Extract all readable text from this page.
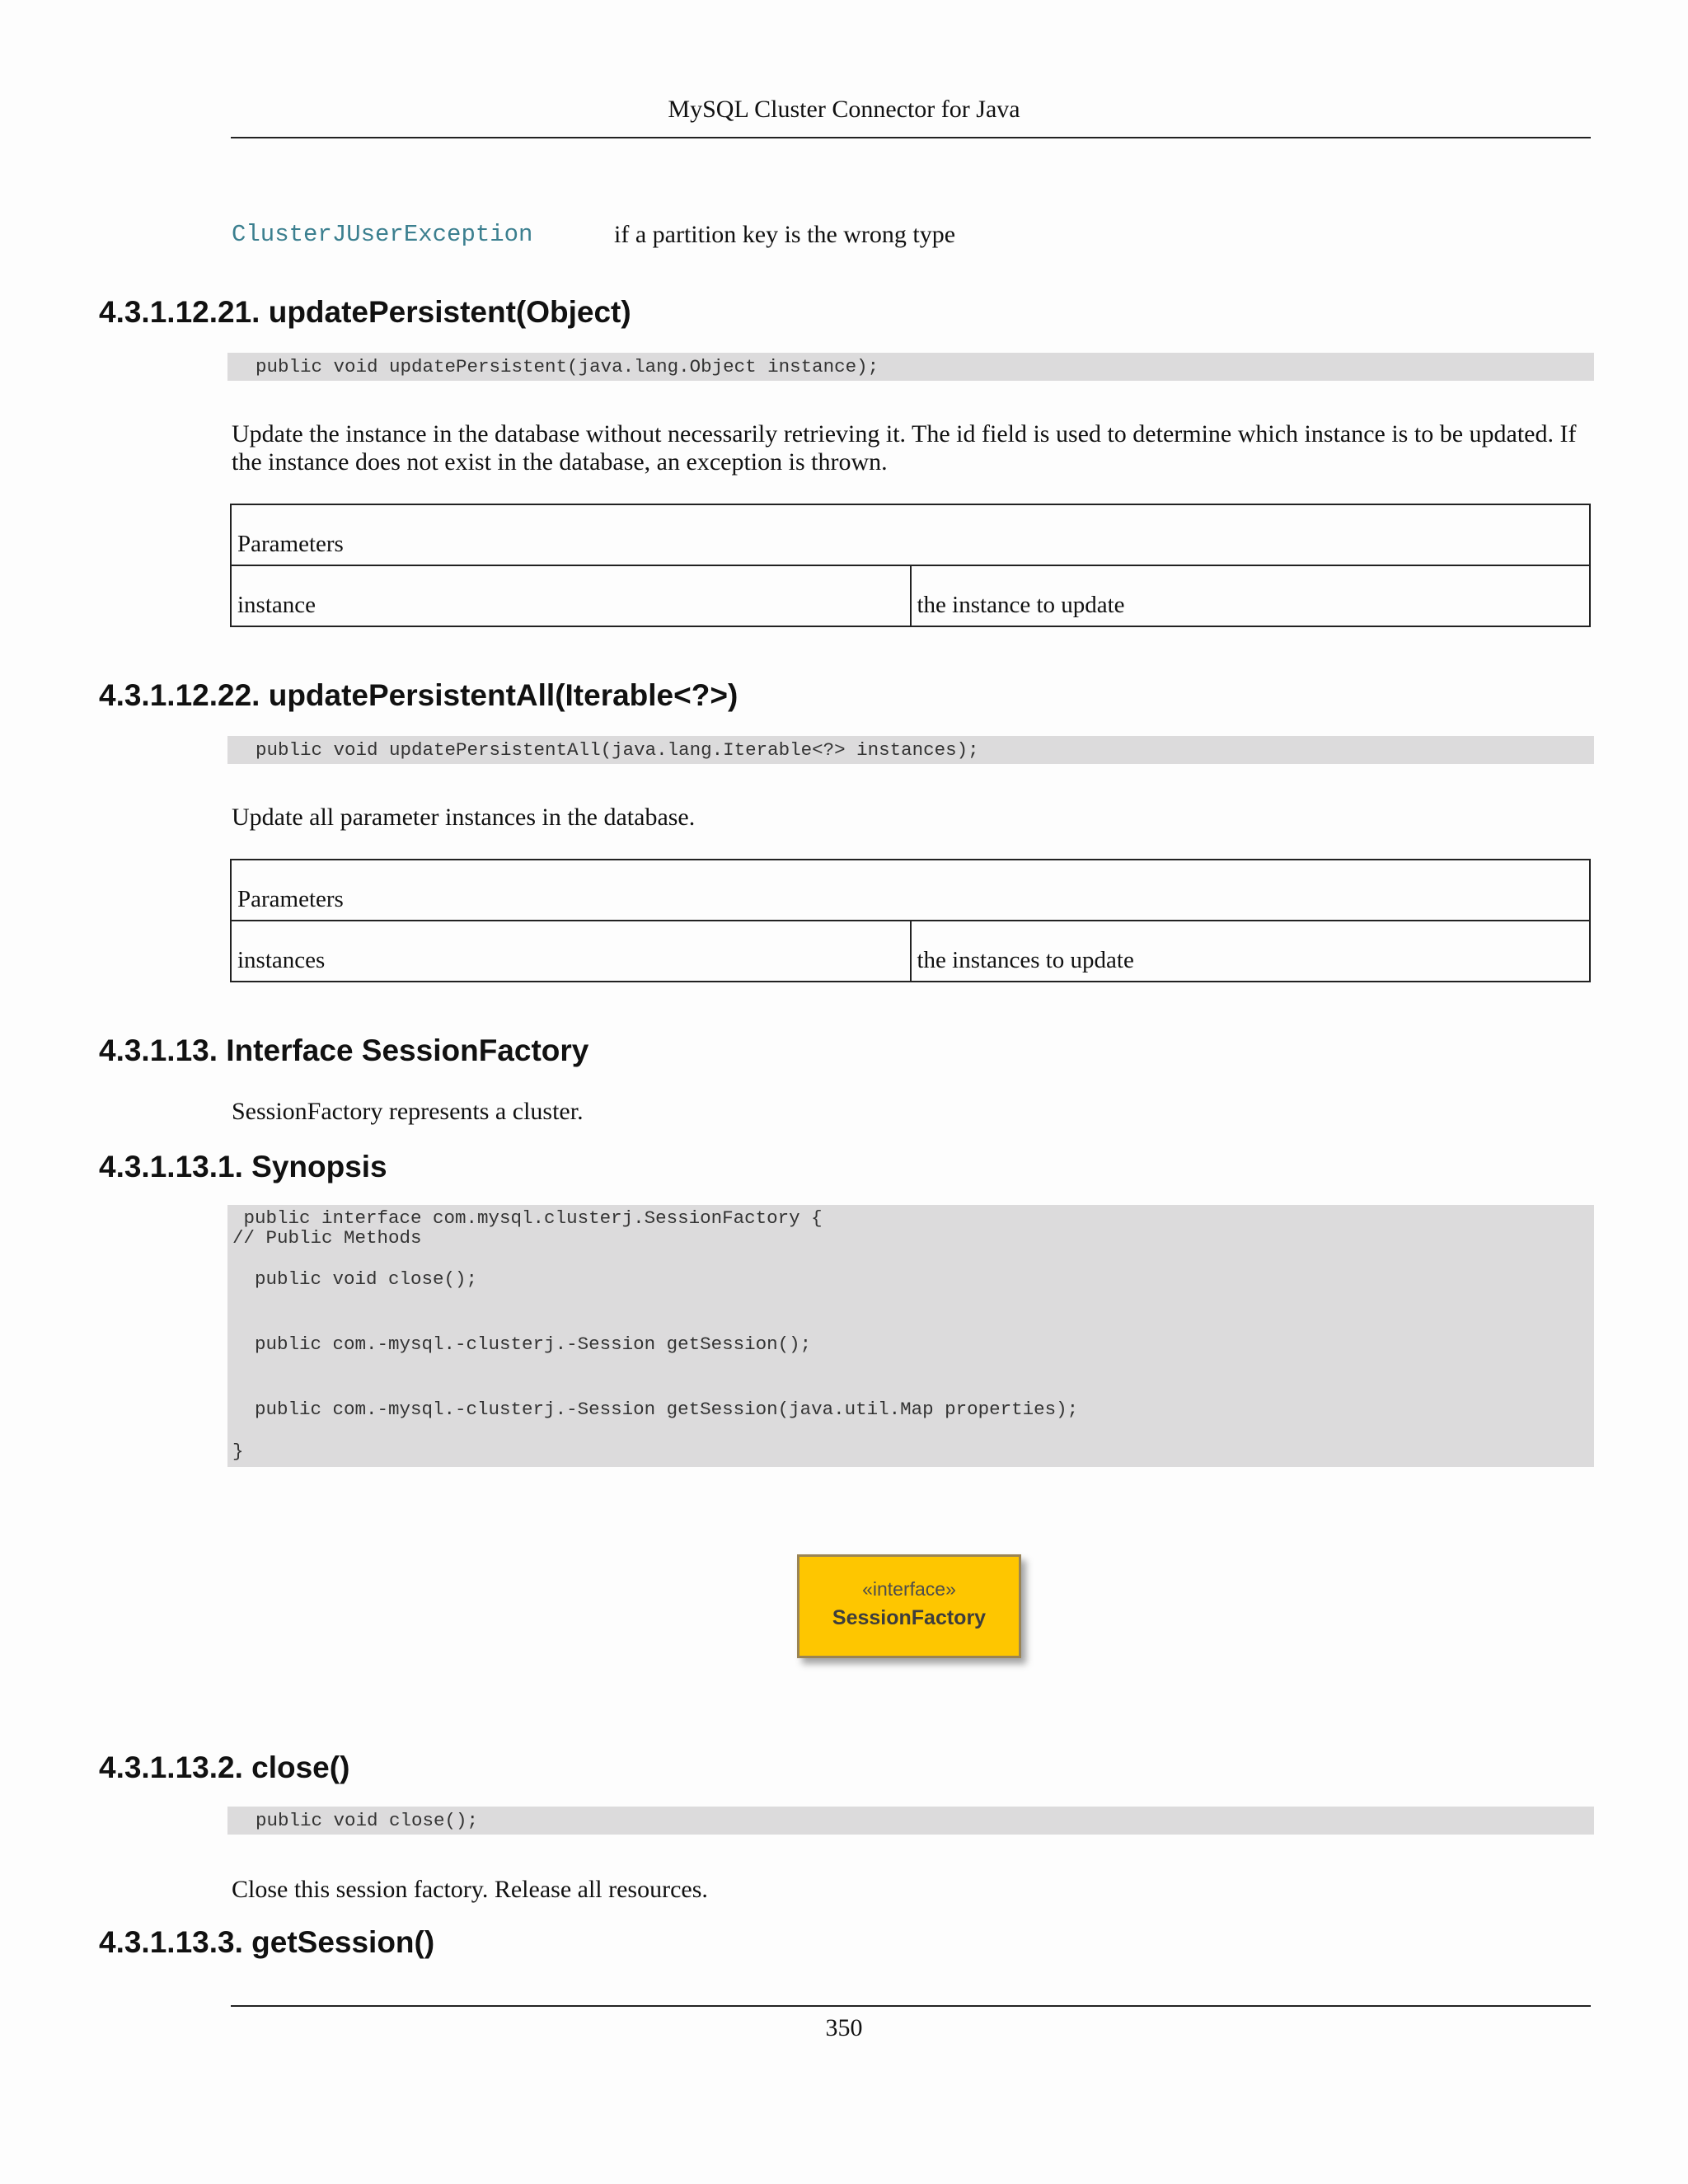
MySQL Cluster Connector for Java
ClusterJUserException	if a partition key is the wrong type
4.3.1.12.21. updatePersistent(Object)
public void updatePersistent(java.lang.Object instance);

Update the instance in the database without necessarily retrieving it. The id field is used to determine which instance is to be updated. If the instance does not exist in the database, an exception is thrown.

Parameters
instance	the instance to update
4.3.1.12.22. updatePersistentAll(Iterable<?>)
public void updatePersistentAll(java.lang.Iterable<?> instances);

Update all parameter instances in the database.

Parameters
instances	the instances to update
4.3.1.13. Interface SessionFactory

SessionFactory represents a cluster.

4.3.1.13.1. Synopsis
public interface com.mysql.clusterj.SessionFactory {
// Public Methods
public void close();
public com.-mysql.-clusterj.-Session getSession();
public com.-mysql.-clusterj.-Session getSession(java.util.Map properties);
}
«interface»
SessionFactory
4.3.1.13.2. close()
public void close();

Close this session factory. Release all resources.

4.3.1.13.3. getSession()
350
